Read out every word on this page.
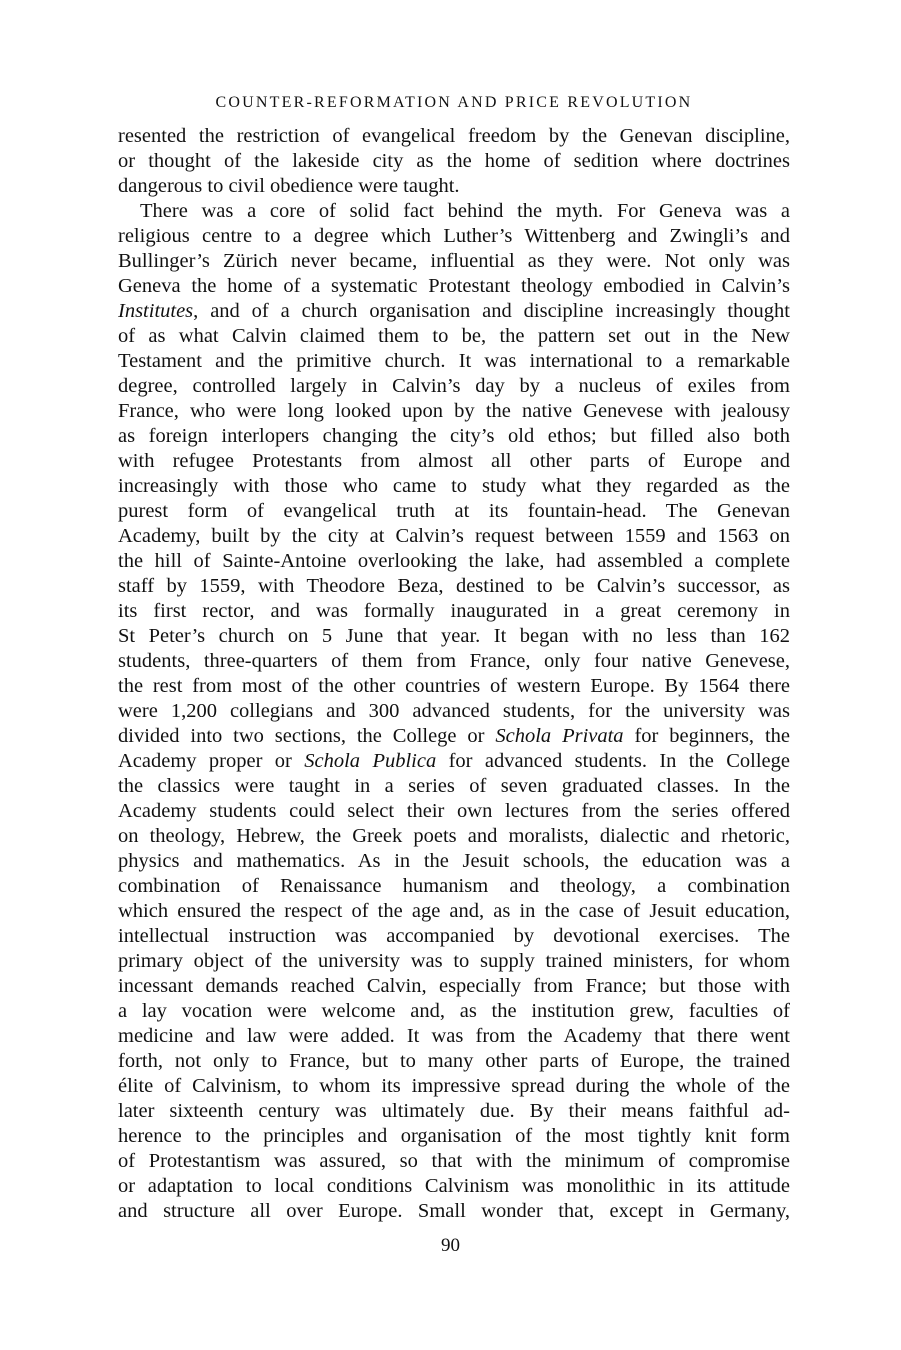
COUNTER-REFORMATION AND PRICE REVOLUTION
resented the restriction of evangelical freedom by the Genevan discipline,
or thought of the lakeside city as the home of sedition where doctrines
dangerous to civil obedience were taught.
There was a core of solid fact behind the myth. For Geneva was a
religious centre to a degree which Luther’s Wittenberg and Zwingli’s and
Bullinger’s Zürich never became, influential as they were. Not only was
Geneva the home of a systematic Protestant theology embodied in Calvin’s
Institutes, and of a church organisation and discipline increasingly thought
of as what Calvin claimed them to be, the pattern set out in the New
Testament and the primitive church. It was international to a remarkable
degree, controlled largely in Calvin’s day by a nucleus of exiles from
France, who were long looked upon by the native Genevese with jealousy
as foreign interlopers changing the city’s old ethos; but filled also both
with refugee Protestants from almost all other parts of Europe and
increasingly with those who came to study what they regarded as the
purest form of evangelical truth at its fountain-head. The Genevan
Academy, built by the city at Calvin’s request between 1559 and 1563 on
the hill of Sainte-Antoine overlooking the lake, had assembled a complete
staff by 1559, with Theodore Beza, destined to be Calvin’s successor, as
its first rector, and was formally inaugurated in a great ceremony in
St Peter’s church on 5 June that year. It began with no less than 162
students, three-quarters of them from France, only four native Genevese,
the rest from most of the other countries of western Europe. By 1564 there
were 1,200 collegians and 300 advanced students, for the university was
divided into two sections, the College or Schola Privata for beginners, the
Academy proper or Schola Publica for advanced students. In the College
the classics were taught in a series of seven graduated classes. In the
Academy students could select their own lectures from the series offered
on theology, Hebrew, the Greek poets and moralists, dialectic and rhetoric,
physics and mathematics. As in the Jesuit schools, the education was a
combination of Renaissance humanism and theology, a combination
which ensured the respect of the age and, as in the case of Jesuit education,
intellectual instruction was accompanied by devotional exercises. The
primary object of the university was to supply trained ministers, for whom
incessant demands reached Calvin, especially from France; but those with
a lay vocation were welcome and, as the institution grew, faculties of
medicine and law were added. It was from the Academy that there went
forth, not only to France, but to many other parts of Europe, the trained
élite of Calvinism, to whom its impressive spread during the whole of the
later sixteenth century was ultimately due. By their means faithful ad-
herence to the principles and organisation of the most tightly knit form
of Protestantism was assured, so that with the minimum of compromise
or adaptation to local conditions Calvinism was monolithic in its attitude
and structure all over Europe. Small wonder that, except in Germany,
90
